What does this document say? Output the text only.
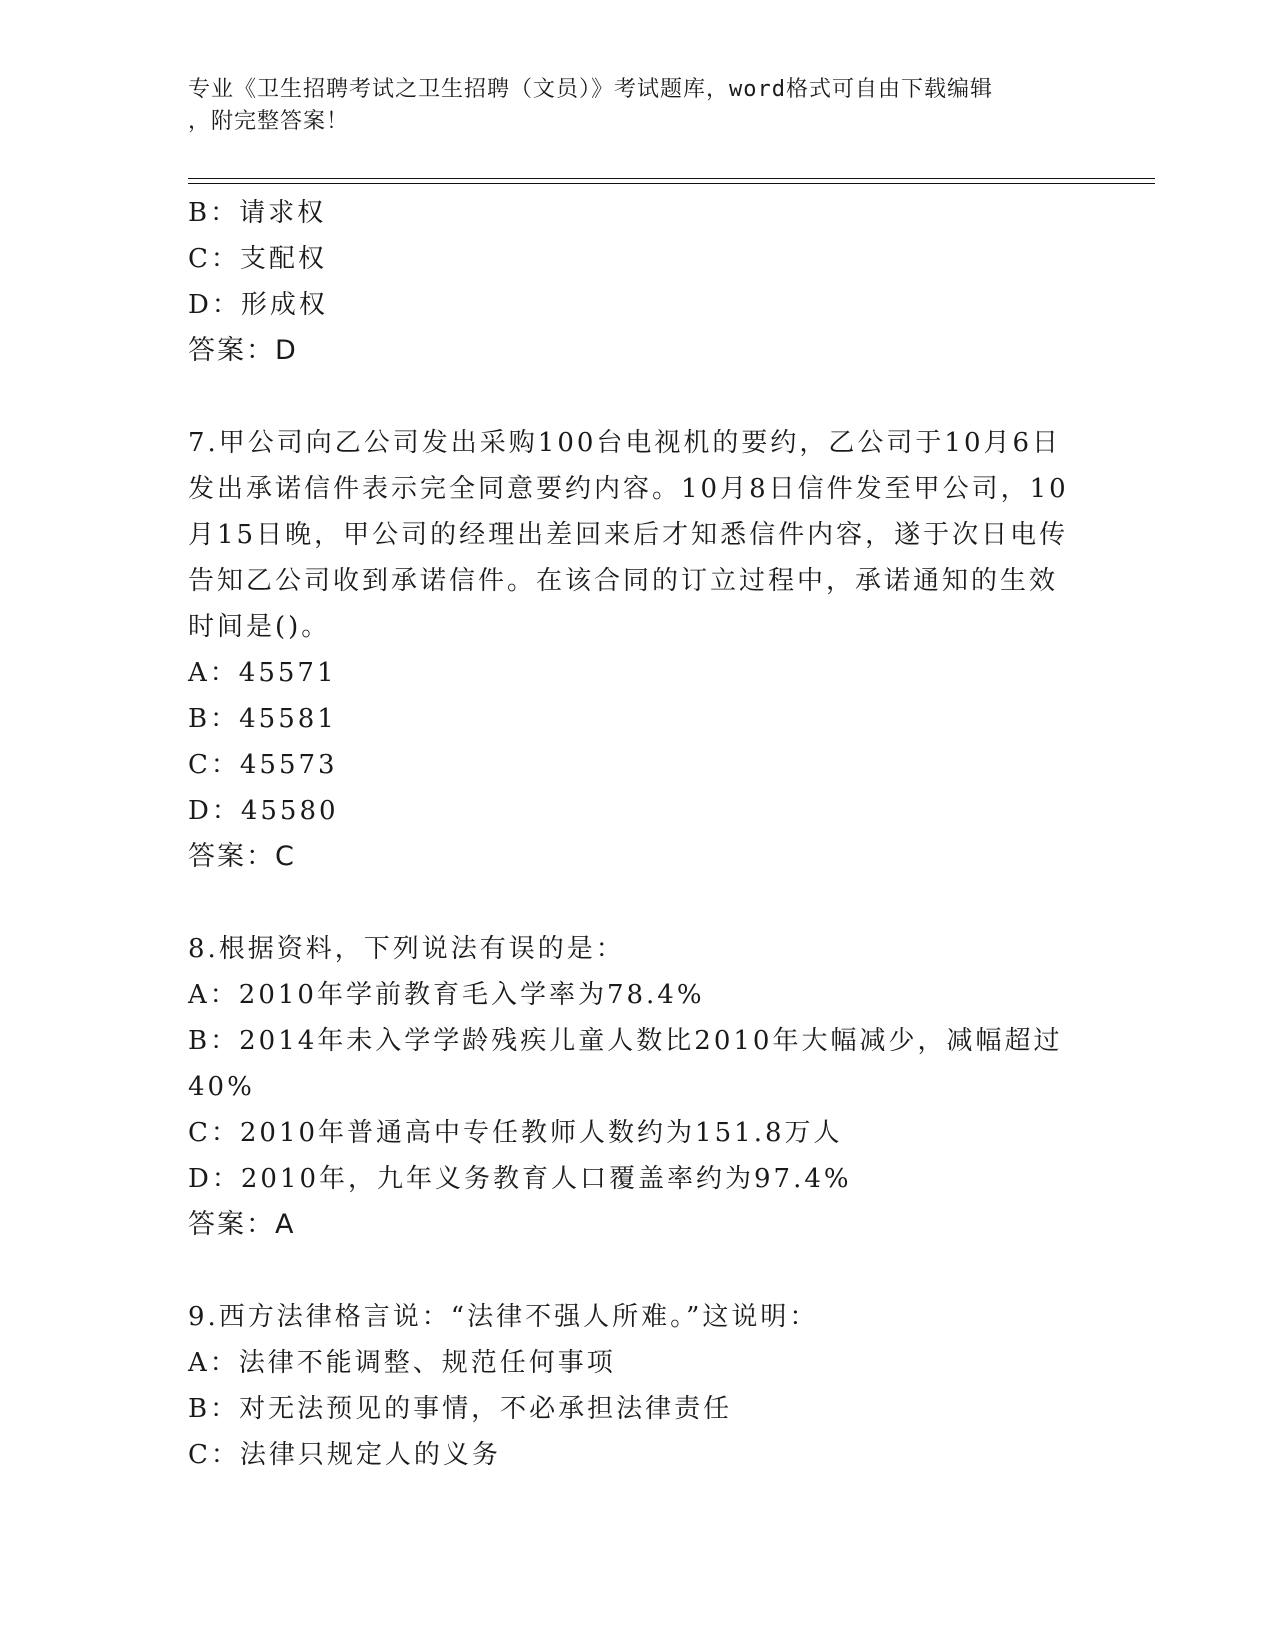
专业《卫生招聘考试之卫生招聘（文员）》考试题库，word格式可自由下载编辑
，附完整答案！
B：请求权
C：支配权
D：形成权
答案：D
7.甲公司向乙公司发出采购100台电视机的要约，乙公司于10月6日
发出承诺信件表示完全同意要约内容。10月8日信件发至甲公司，10
月15日晚，甲公司的经理出差回来后才知悉信件内容，遂于次日电传
告知乙公司收到承诺信件。在该合同的订立过程中，承诺通知的生效
时间是()。
A：45571
B：45581
C：45573
D：45580
答案：C
8.根据资料，下列说法有误的是：
A：2010年学前教育毛入学率为78.4%
B：2014年未入学学龄残疾儿童人数比2010年大幅减少，减幅超过
40%
C：2010年普通高中专任教师人数约为151.8万人
D：2010年，九年义务教育人口覆盖率约为97.4%
答案：A
9.西方法律格言说：“法律不强人所难。”这说明：
A：法律不能调整、规范任何事项
B：对无法预见的事情，不必承担法律责任
C：法律只规定人的义务
